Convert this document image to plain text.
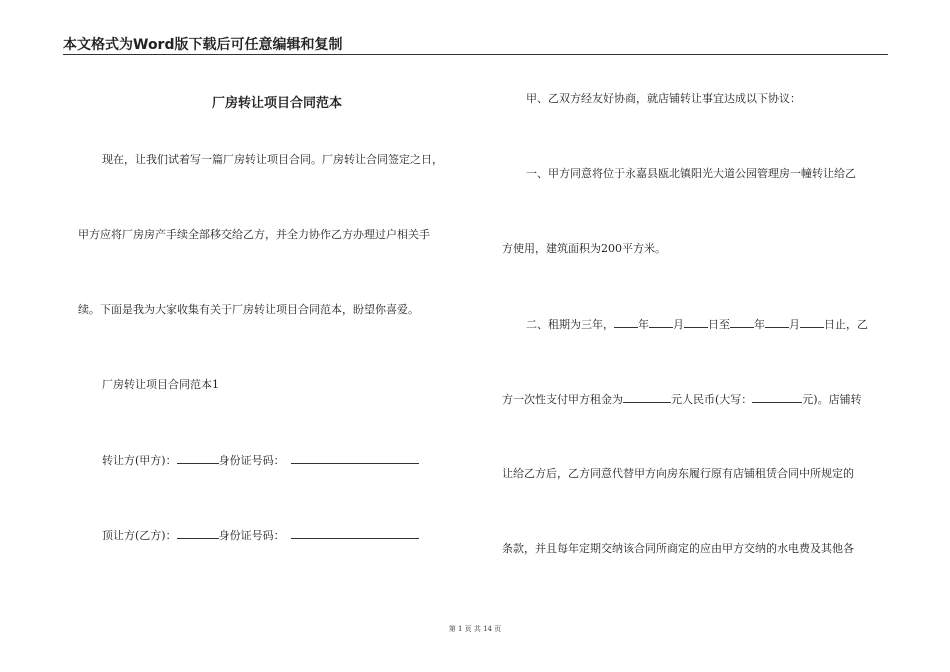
本文格式为Word版下载后可任意编辑和复制
厂房转让项目合同范本
现在，让我们试着写一篇厂房转让项目合同。厂房转让合同签定之日，
甲方应将厂房房产手续全部移交给乙方，并全力协作乙方办理过户相关手
续。下面是我为大家收集有关于厂房转让项目合同范本，盼望你喜爱。
厂房转让项目合同范本1
转让方(甲方)：	身份证号码：
顶让方(乙方)：	身份证号码：
甲、乙双方经友好协商，就店铺转让事宜达成以下协议：
一、甲方同意将位于永嘉县瓯北镇阳光大道公园管理房一幢转让给乙
方使用，建筑面积为200平方米。
二、租期为三年， 年 月 日至 年 月 日止，乙
方一次性支付甲方租金为	元人民币(大写：	元)。店铺转
让给乙方后，乙方同意代替甲方向房东履行原有店铺租赁合同中所规定的
条款，并且每年定期交纳该合同所商定的应由甲方交纳的水电费及其他各
第 1 页 共 14 页
